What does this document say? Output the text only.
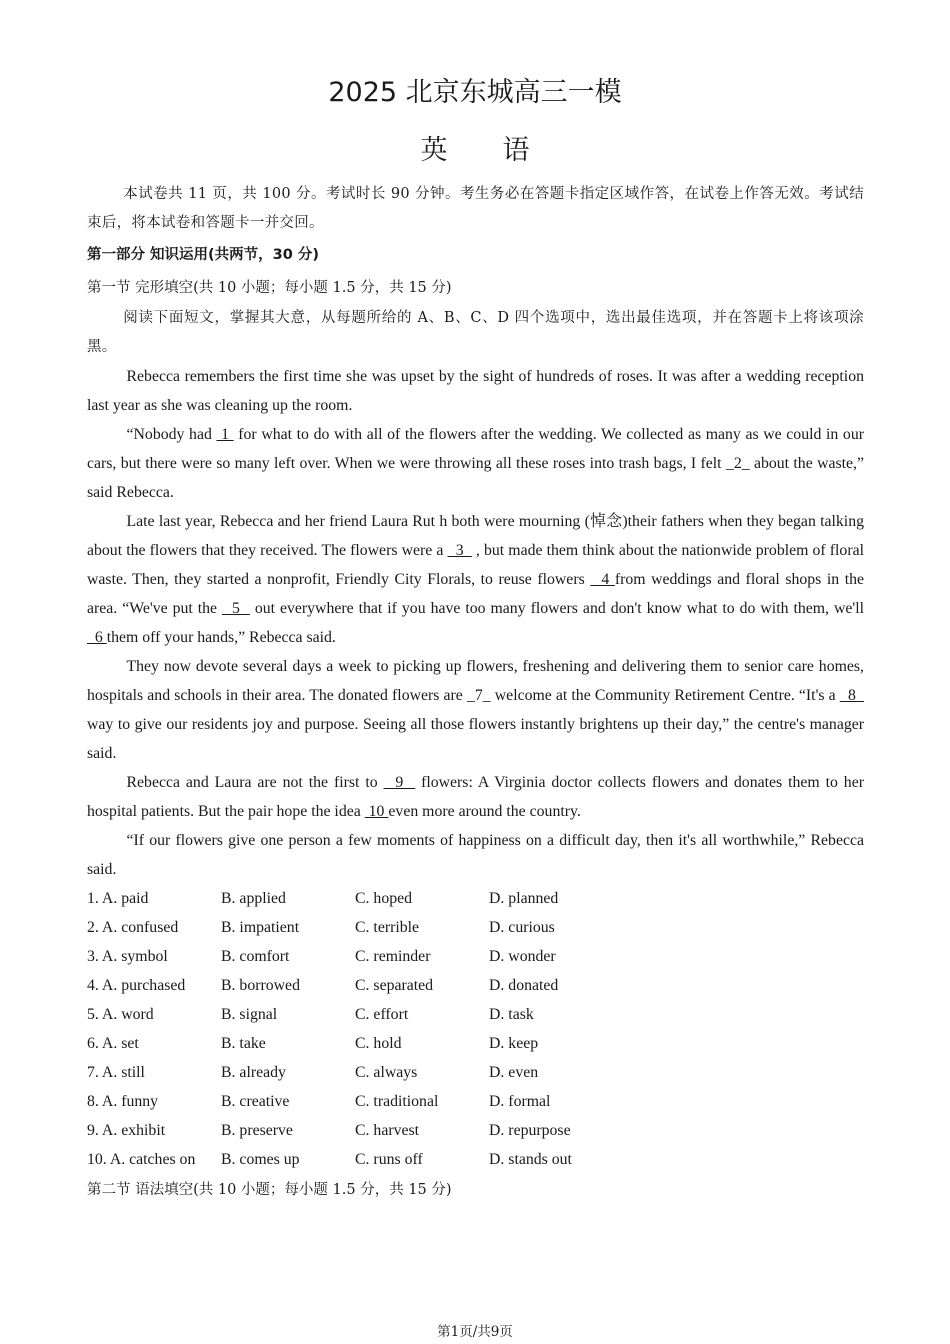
2025 北京东城高三一模
英语

本试卷共 11 页，共 100 分。考试时长 90 分钟。考生务必在答题卡指定区域作答，在试卷上作答无效。考试结束后，将本试卷和答题卡一并交回。

第一部分 知识运用(共两节，30 分)

第一节 完形填空(共 10 小题；每小题 1.5 分，共 15 分)

阅读下面短文，掌握其大意，从每题所给的 A、B、C、D 四个选项中，选出最佳选项，并在答题卡上将该项涂黑。

Rebecca remembers the first time she was upset by the sight of hundreds of roses. It was after a wedding reception last year as she was cleaning up the room.

“Nobody had  1  for what to do with all of the flowers after the wedding. We collected as many as we could in our cars, but there were so many left over. When we were throwing all these roses into trash bags, I felt _2_ about the waste,” said Rebecca.

Late last year, Rebecca and her friend Laura Rut h both were mourning (悼念)their fathers when they began talking about the flowers that they received. The flowers were a   3   , but made them think about the nationwide problem of floral waste. Then, they started a nonprofit, Friendly City Florals, to reuse flowers   4 from weddings and floral shops in the area. “We've put the   5   out everywhere that if you have too many flowers and don't know what to do with them, we'll   6 them off your hands,” Rebecca said.

They now devote several days a week to picking up flowers, freshening and delivering them to senior care homes, hospitals and schools in their area. The donated flowers are _7_ welcome at the Community Retirement Centre. “It's a   8   way to give our residents joy and purpose. Seeing all those flowers instantly brightens up their day,” the centre's manager said.

Rebecca and Laura are not the first to   9   flowers: A Virginia doctor collects flowers and donates them to her hospital patients. But the pair hope the idea  10 even more around the country.

“If our flowers give one person a few moments of happiness on a difficult day, then it's all worthwhile,” Rebecca said.

1. A. paid	B. applied	C. hoped	D. planned
2. A. confused	B. impatient	C. terrible	D. curious
3. A. symbol	B. comfort	C. reminder	D. wonder
4. A. purchased	B. borrowed	C. separated	D. donated
5. A. word	B. signal	C. effort	D. task
6. A. set	B. take	C. hold	D. keep
7. A. still	B. already	C. always	D. even
8. A. funny	B. creative	C. traditional	D. formal
9. A. exhibit	B. preserve	C. harvest	D. repurpose
10. A. catches on	B. comes up	C. runs off	D. stands out

第二节 语法填空(共 10 小题；每小题 1.5 分，共 15 分)

第1页/共9页
